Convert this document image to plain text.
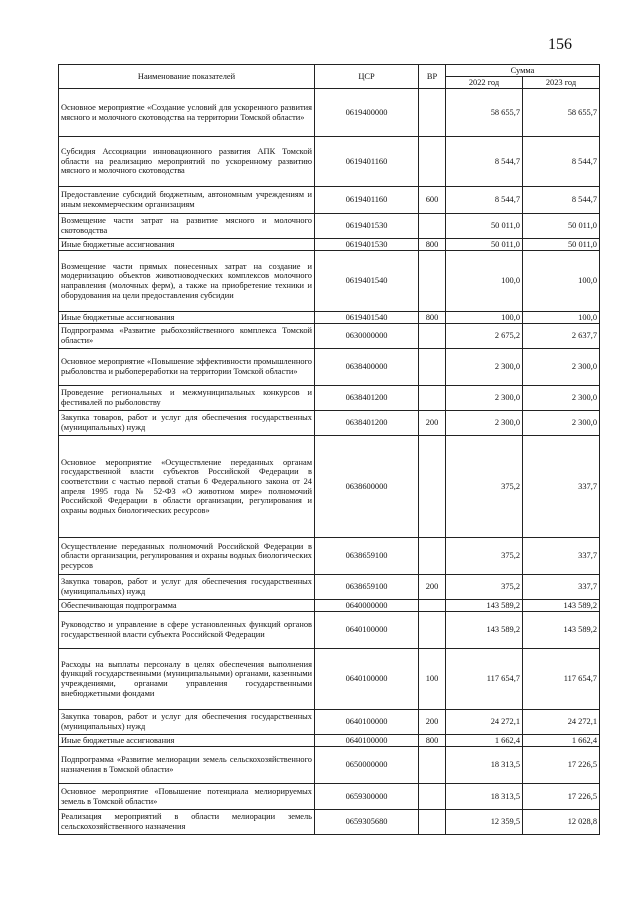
156
Наименование показателей	ЦСР	ВР	Сумма	
			2022 год	2023 год
Основное мероприятие «Создание условий для ускоренного развития мясного и молочного скотоводства на территории Томской области»	0619400000		58 655,7	58 655,7
Субсидия Ассоциации инновационного развития АПК Томской области на реализацию мероприятий по ускоренному развитию мясного и молочного скотоводства	0619401160		8 544,7	8 544,7
Предоставление субсидий бюджетным, автономным учреждениям и иным некоммерческим организациям	0619401160	600	8 544,7	8 544,7
Возмещение части затрат на развитие мясного и молочного скотоводства	0619401530		50 011,0	50 011,0
Иные бюджетные ассигнования	0619401530	800	50 011,0	50 011,0
Возмещение части прямых понесенных затрат на создание и модернизацию объектов животноводческих комплексов молочного направления (молочных ферм), а также на приобретение техники и оборудования на цели предоставления субсидии	0619401540		100,0	100,0
Иные бюджетные ассигнования	0619401540	800	100,0	100,0
Подпрограмма «Развитие рыбохозяйственного комплекса Томской области»	0630000000		2 675,2	2 637,7
Основное мероприятие «Повышение эффективности промышленного рыболовства и рыбопереработки на территории Томской области»	0638400000		2 300,0	2 300,0
Проведение региональных и межмуниципальных конкурсов и фестивалей по рыболовству	0638401200		2 300,0	2 300,0
Закупка товаров, работ и услуг для обеспечения государственных (муниципальных) нужд	0638401200	200	2 300,0	2 300,0
Основное мероприятие «Осуществление переданных органам государственной власти субъектов Российской Федерации в соответствии с частью первой статьи 6 Федерального закона от 24 апреля 1995 года № 52-ФЗ «О животном мире» полномочий Российской Федерации в области организации, регулирования и охраны водных биологических ресурсов»	0638600000		375,2	337,7
Осуществление переданных полномочий Российской Федерации в области организации, регулирования и охраны водных биологических ресурсов	0638659100		375,2	337,7
Закупка товаров, работ и услуг для обеспечения государственных (муниципальных) нужд	0638659100	200	375,2	337,7
Обеспечивающая подпрограмма	0640000000		143 589,2	143 589,2
Руководство и управление в сфере установленных функций органов государственной власти субъекта Российской Федерации	0640100000		143 589,2	143 589,2
Расходы на выплаты персоналу в целях обеспечения выполнения функций государственными (муниципальными) органами, казенными учреждениями, органами управления государственными внебюджетными фондами	0640100000	100	117 654,7	117 654,7
Закупка товаров, работ и услуг для обеспечения государственных (муниципальных) нужд	0640100000	200	24 272,1	24 272,1
Иные бюджетные ассигнования	0640100000	800	1 662,4	1 662,4
Подпрограмма «Развитие мелиорации земель сельскохозяйственного назначения в Томской области»	0650000000		18 313,5	17 226,5
Основное мероприятие «Повышение потенциала мелиорируемых земель в Томской области»	0659300000		18 313,5	17 226,5
Реализация мероприятий в области мелиорации земель сельскохозяйственного назначения	0659305680		12 359,5	12 028,8
